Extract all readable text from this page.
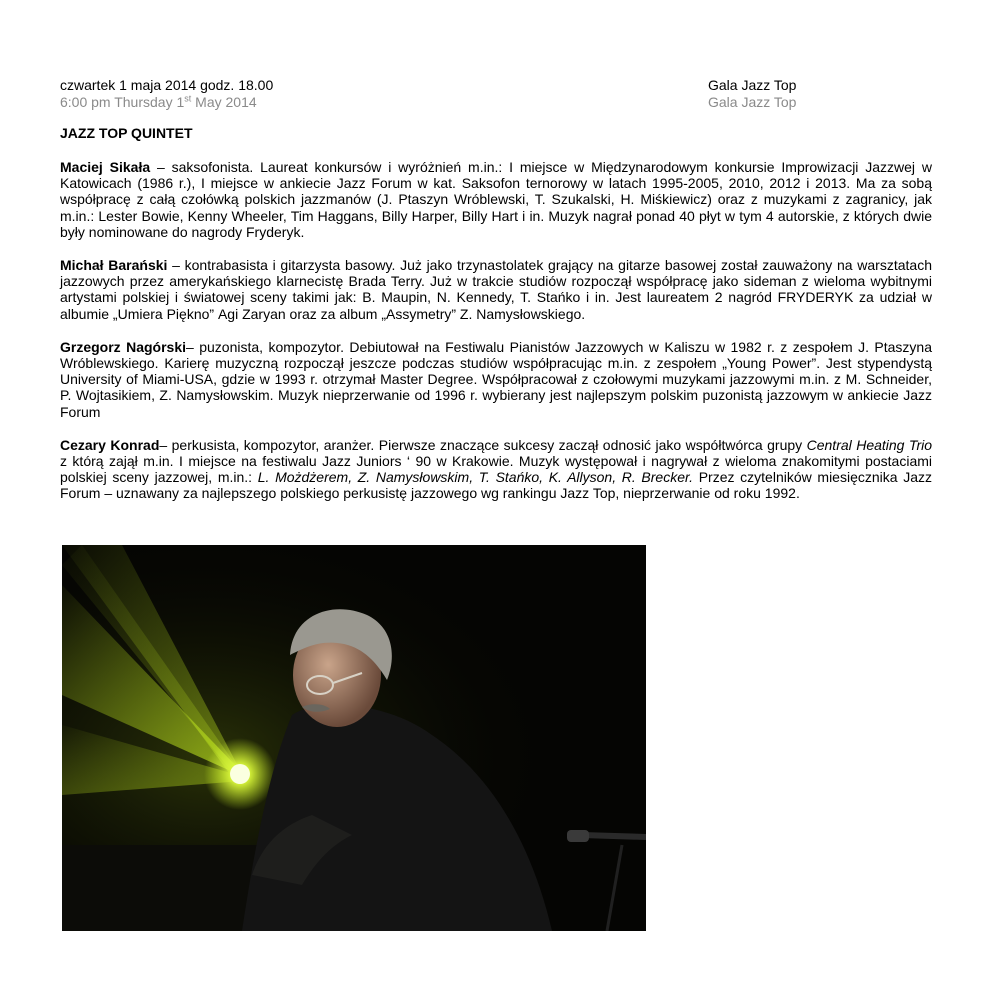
czwartek 1 maja 2014 godz. 18.00
6:00 pm Thursday 1st May 2014
Gala Jazz Top
Gala Jazz Top
JAZZ TOP QUINTET
Maciej Sikała – saksofonista. Laureat konkursów i wyróżnień m.in.: I miejsce w Międzynarodowym konkursie Improwizacji Jazzwej w Katowicach (1986 r.), I miejsce w ankiecie Jazz Forum w kat. Saksofon ternorowy w latach 1995-2005, 2010, 2012 i 2013. Ma za sobą współpracę z całą czołówką polskich jazzmanów (J. Ptaszyn Wróblewski, T. Szukalski, H. Miśkiewicz) oraz z muzykami z zagranicy, jak m.in.: Lester Bowie, Kenny Wheeler, Tim Haggans, Billy Harper, Billy Hart i in. Muzyk nagrał ponad 40 płyt w tym 4 autorskie, z których dwie były nominowane do nagrody Fryderyk.
Michał Barański – kontrabasista i gitarzysta basowy. Już jako trzynastolatek grający na gitarze basowej został zauważony na warsztatach jazzowych przez amerykańskiego klarnecistę Brada Terry. Już w trakcie studiów rozpoczął współpracę jako sideman z wieloma wybitnymi artystami polskiej i światowej sceny takimi jak: B. Maupin, N. Kennedy, T. Stańko i in. Jest laureatem 2 nagród FRYDERYK za udział w albumie „Umiera Pięknо” Agi Zaryan oraz za album „Assymetry” Z. Namysłowskiego.
Grzegorz Nagórski– puzonista, kompozytor. Debiutował na Festiwalu Pianistów Jazzowych w Kaliszu w 1982 r. z zespołem J. Ptaszyna Wróblewskiego. Karierę muzyczną rozpoczął jeszcze podczas studiów współpracując m.in. z zespołem „Young Power”. Jest stypendystą University of Miami-USA, gdzie w 1993 r. otrzymał Master Degree. Współpracował z czołowymi muzykami jazzowymi m.in. z M. Schneider, P. Wojtasikiem, Z. Namysłowskim. Muzyk nieprzerwanie od 1996 r. wybierany jest najlepszym polskim puzonistą jazzowym w ankiecie Jazz Forum
Cezary Konrad– perkusista, kompozytor, aranżer. Pierwsze znaczące sukcesy zaczął odnosić jako współtwórca grupy Central Heating Trio z którą zajął m.in. I miejsce na festiwalu Jazz Juniors ‘ 90 w Krakowie. Muzyk występował i nagrywał z wieloma znakomitymi postaciami polskiej sceny jazzowej, m.in.: L. Możdżerem, Z. Namysłowskim, T. Stańko, K. Allyson, R. Brecker. Przez czytelników miesięcznika Jazz Forum – uznawany za najlepszego polskiego perkusistę jazzowego wg rankingu Jazz Top, nieprzerwanie od roku 1992.
